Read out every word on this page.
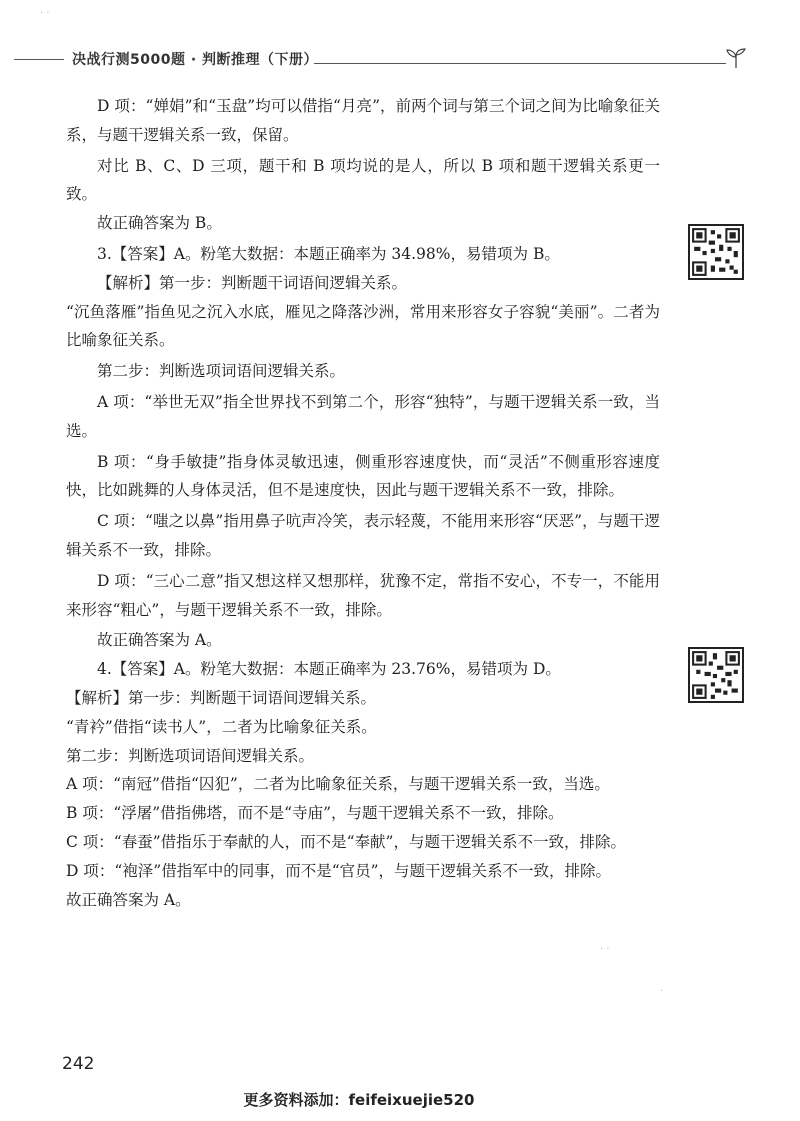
决战行测5000题 · 判断推理（下册）

D 项：“婵娟”和“玉盘”均可以借指“月亮”，前两个词与第三个词之间为比喻象征关系，与题干逻辑关系一致，保留。

对比 B、C、D 三项，题干和 B 项均说的是人，所以 B 项和题干逻辑关系更一致。

故正确答案为 B。

3.【答案】A。粉笔大数据：本题正确率为 34.98%，易错项为 B。

【解析】第一步：判断题干词语间逻辑关系。

“沉鱼落雁”指鱼见之沉入水底，雁见之降落沙洲，常用来形容女子容貌“美丽”。二者为比喻象征关系。

第二步：判断选项词语间逻辑关系。

A 项：“举世无双”指全世界找不到第二个，形容“独特”，与题干逻辑关系一致，当选。

B 项：“身手敏捷”指身体灵敏迅速，侧重形容速度快，而“灵活”不侧重形容速度快，比如跳舞的人身体灵活，但不是速度快，因此与题干逻辑关系不一致，排除。

C 项：“嗤之以鼻”指用鼻子吭声冷笑，表示轻蔑，不能用来形容“厌恶”，与题干逻辑关系不一致，排除。

D 项：“三心二意”指又想这样又想那样，犹豫不定，常指不安心，不专一，不能用来形容“粗心”，与题干逻辑关系不一致，排除。

故正确答案为 A。

4.【答案】A。粉笔大数据：本题正确率为 23.76%，易错项为 D。

【解析】第一步：判断题干词语间逻辑关系。

“青衿”借指“读书人”，二者为比喻象征关系。

第二步：判断选项词语间逻辑关系。

A 项：“南冠”借指“囚犯”，二者为比喻象征关系，与题干逻辑关系一致，当选。

B 项：“浮屠”借指佛塔，而不是“寺庙”，与题干逻辑关系不一致，排除。

C 项：“春蚕”借指乐于奉献的人，而不是“奉献”，与题干逻辑关系不一致，排除。

D 项：“袍泽”借指军中的同事，而不是“官员”，与题干逻辑关系不一致，排除。

故正确答案为 A。

· ·
· ·
·
242
更多资料添加：feifeixuejie520
